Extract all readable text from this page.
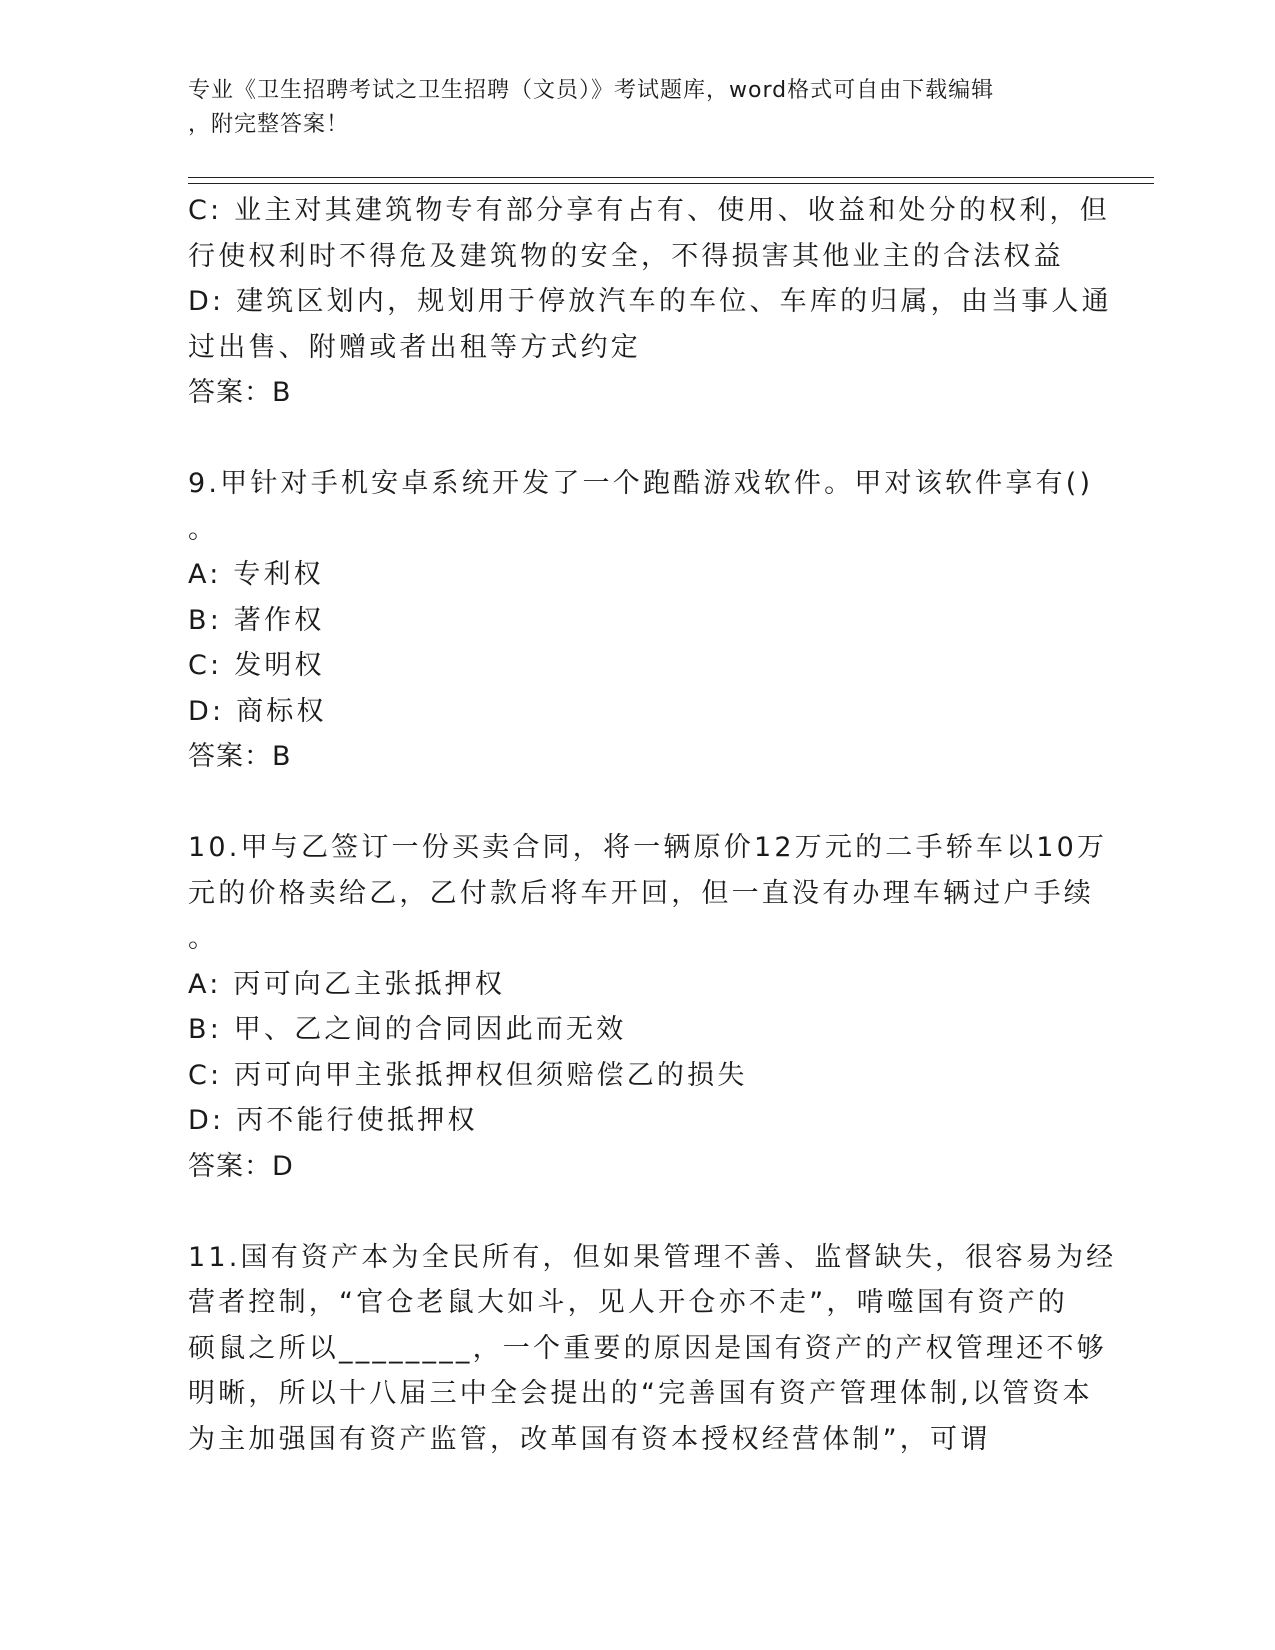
专业《卫生招聘考试之卫生招聘（文员）》考试题库，word格式可自由下载编辑
，附完整答案！
C: 业主对其建筑物专有部分享有占有、使用、收益和处分的权利，但
行使权利时不得危及建筑物的安全，不得损害其他业主的合法权益
D: 建筑区划内，规划用于停放汽车的车位、车库的归属，由当事人通
过出售、附赠或者出租等方式约定
答案：B
9.甲针对手机安卓系统开发了一个跑酷游戏软件。甲对该软件享有()
。
A: 专利权
B: 著作权
C: 发明权
D: 商标权
答案：B
10.甲与乙签订一份买卖合同，将一辆原价12万元的二手轿车以10万
元的价格卖给乙，乙付款后将车开回，但一直没有办理车辆过户手续
。
A: 丙可向乙主张抵押权
B: 甲、乙之间的合同因此而无效
C: 丙可向甲主张抵押权但须赔偿乙的损失
D: 丙不能行使抵押权
答案：D
11.国有资产本为全民所有，但如果管理不善、监督缺失，很容易为经
营者控制，“官仓老鼠大如斗，见人开仓亦不走”，啃噬国有资产的
硕鼠之所以________，一个重要的原因是国有资产的产权管理还不够
明晰，所以十八届三中全会提出的“完善国有资产管理体制,以管资本
为主加强国有资产监管，改革国有资本授权经营体制”，可谓
